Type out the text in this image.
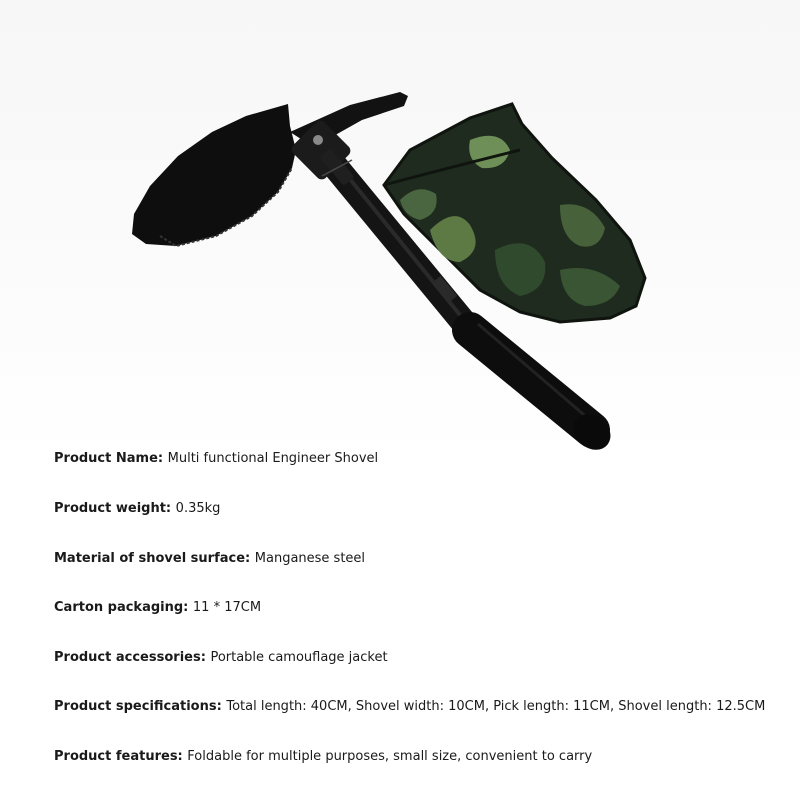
Product Name: Multi functional Engineer Shovel
Product weight: 0.35kg
Material of shovel surface: Manganese steel
Carton packaging: 11 * 17CM
Product accessories: Portable camouflage jacket
Product specifications: Total length: 40CM, Shovel width: 10CM, Pick length: 11CM, Shovel length: 12.5CM
Product features: Foldable for multiple purposes, small size, convenient to carry
